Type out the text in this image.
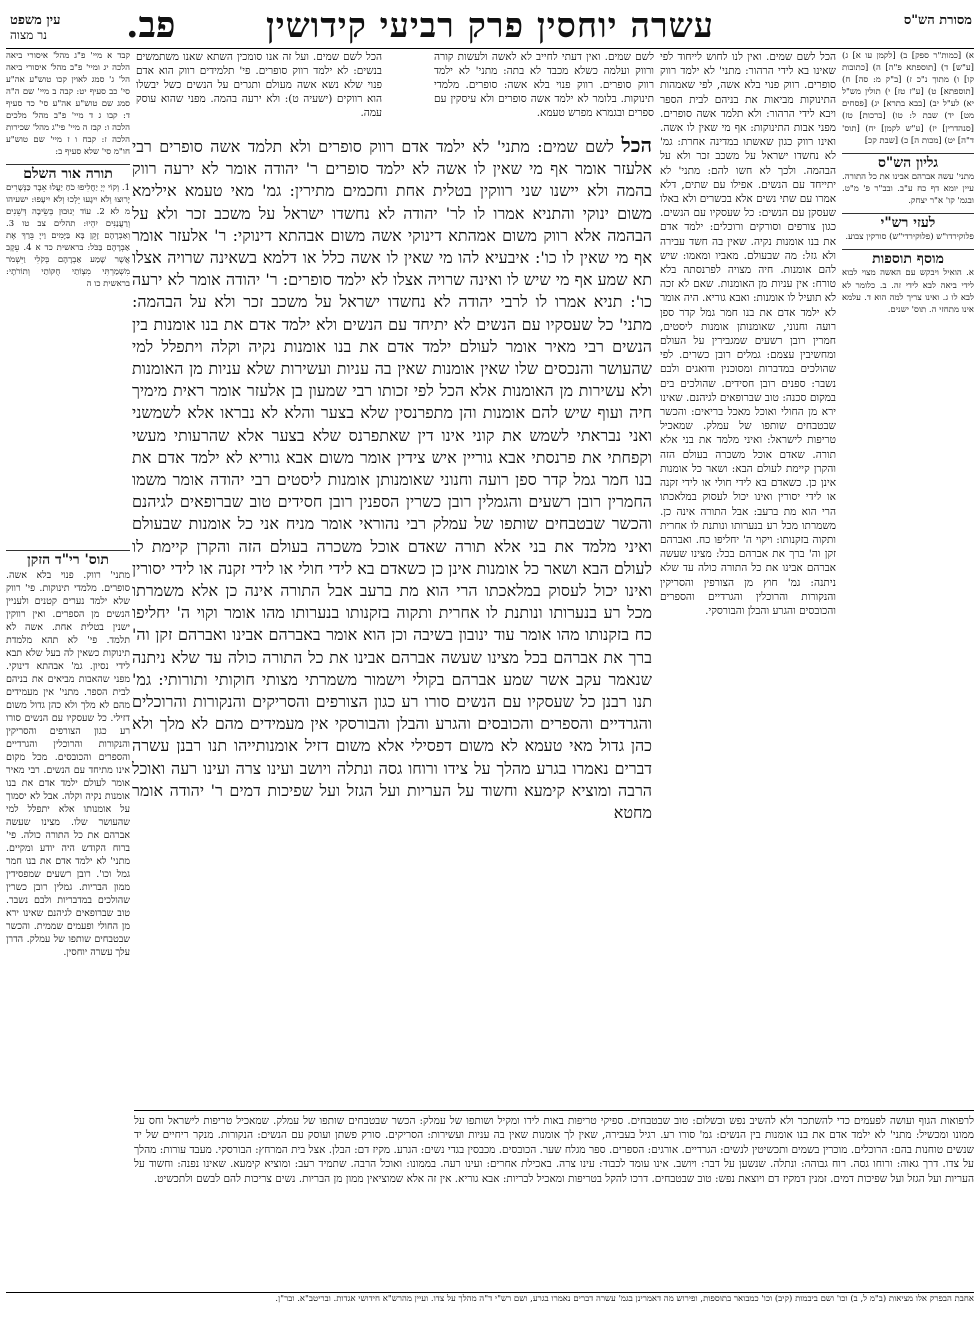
מסורת הש"ס
עשרה יוחסין פרק רביעי קידושין
פב.
עין משפט
נר מצוה

א) [כמות"ר ספק] ב) [לקמן עו א] ג) [ע"ש] ד) [תוספתא פ"ה] ה) [כתובות קו] ו) מתוך נ"כ ז) [ב"ק מ: סה] ח) [תוספתא] ט) [ע"ז טז] י) תולין מש"ל יא) לע"ל יב) [בבא בתרא] יג) [פסחים מט] יד) שבת ל: טו) [ברכות] טז) [סנהדרין] יז) [ע"ש לקמן] יח) [תוס' ד"ה] יט) [מכות ה] כ) [שבת קכ]

גליון הש"ס

מתני' עשה אברהם אבינו את כל התורה. עיין יומא דף כח ע"ב. ובב"ר פ' מ"ט. ובגמ' קו' א"ר יצחק.

לעזי רש"י

פלוקירדו"ש (פלוקירדי"ש) סורקין צבוע.

מוסף תוספות

א. הואיל ויבקש עם האשה מצוי לבוא לידי ביאה לבא לידי זה. ב. כלומר לא לבא לו ג. ואינו צריך למה הוא ד. עלמא אינו מתחזי ה. תוס' ישנים.

הכל לשם שמים. ואין לנו לחוש לייחוד לפי שאינו בא לידי הרהור: מתני' לא ילמד רווק סופרים. רווק פנוי בלא אשה, לפי שאמהות התינוקות מביאות את בניהם לבית הספר ויבא לידי הרהור: ולא תלמד אשה סופרים. מפני אבות התינוקות: אף מי שאין לו אשה. ואינו רווק כגון שאשתו במדינה אחרת: גמ' לא נחשדו ישראל על משכב זכר ולא על הבהמה. ולכך לא חשו להם: מתני' לא יתייחד עם הנשים. אפילו עם שתים, דלא אמרו עם שתי נשים אלא בכשרים ולא באלו שעסקן עם הנשים: כל שעסקיו עם הנשים. כגון צורפים וסורקים ורוכלים: ילמד אדם את בנו אומנות נקיה. שאין בה חשד עבירה ולא גזל: מה שבעולם. מאביו ומאמו: שיש להם אומנות. חיה מצויה לפרנסתה בלא טורח: אין עניות מן האומנות. שאם לא זכה לא תועיל לו אומנות: ואבא גוריא. היה אומר לא ילמד אדם את בנו חמר גמל קדר ספן רועה וחנוני, שאומנותן אומנות ליסטים, חמרין רובן רשעים שמגבירין על העולם ומחשיבין עצמם: גמלים רובן כשרים. לפי שהולכים במדברות ומסוכנין ודואגים ולבם נשבר: ספנים רובן חסידים. שהולכים בים במקום סכנה: טוב שברופאים לגיהנם. שאינו ירא מן החולי ואוכל מאכל בריאים: והכשר שבטבחים שותפו של עמלק. שמאכיל טריפות לישראל: ואיני מלמד את בני אלא תורה. שאדם אוכל משכרה בעולם הזה והקרן קיימת לעולם הבא: ושאר כל אומנות אינן כן. כשאדם בא לידי חולי או לידי זקנה או לידי יסורין ואינו יכול לעסוק במלאכתו הרי הוא מת ברעב: אבל התורה אינה כן. משמרתו מכל רע בנערותו ונותנת לו אחרית ותקוה בזקנותו: ויקוי ה' יחליפו כח. ואברהם זקן וה' ברך את אברהם בכל: מצינו שעשה אברהם אבינו את כל התורה כולה עד שלא ניתנה: גמ' חוץ מן הצורפין והסריקין והנקורות והרוכלין והגרדיים והספרים והכובסים והגרע והבלן והבורסקי.

לשם שמים. ואין דעתי לחייב לא לאשה ולעשות קורה ורווק ועלמה כשלא מכבד לא בתה: מתני' לא ילמד רווק סופרים. רווק פנוי בלא אשה: סופרים. מלמדי תינוקות. בלומר לא ילמד אשה סופרים ולא עיסקין עם ספרים ובגמרא מפרש טעמא.

הכל לשם שמים. ועל זה אנו סומכין השתא שאנו משתמשים בנשים: לא ילמד רווק סופרים. פי' תלמידים רווק הוא אדם פנוי שלא נשא אשה מעולם ותגרים על הנשים כשל יבשלו הוא רווקים (ישעיה ט): ולא ירעה בהמה. מפני שהוא עוסק עמה.

הכל לשם שמים: מתני' לא ילמד אדם רווק סופרים ולא תלמד אשה סופרים רבי אלעזר אומר אף מי שאין לו אשה לא ילמד סופרים ר' יהודה אומר לא ירעה רווק בהמה ולא יישנו שני רווקין בטלית אחת וחכמים מתירין: גמ' מאי טעמא אילימא משום ינוקי והתניא אמרו לו לר' יהודה לא נחשדו ישראל על משכב זכר ולא על הבהמה אלא רווק משום אמהתא דינוקי אשה משום אבהתא דינוקי: ר' אלעזר אומר אף מי שאין לו כו': איבעיא להו מי שאין לו אשה כלל או דלמא בשאינה שרויה אצלו תא שמע אף מי שיש לו ואינה שרויה אצלו לא ילמד סופרים: ר' יהודה אומר לא ירעה כו': תניא אמרו לו לרבי יהודה לא נחשדו ישראל על משכב זכר ולא על הבהמה: מתני' כל שעסקיו עם הנשים לא יתיחד עם הנשים ולא ילמד אדם את בנו אומנות בין הנשים רבי מאיר אומר לעולם ילמד אדם את בנו אומנות נקיה וקלה ויתפלל למי שהעושר והנכסים שלו שאין אומנות שאין בה עניות ועשירות שלא עניות מן האומנות ולא עשירות מן האומנות אלא הכל לפי זכותו רבי שמעון בן אלעזר אומר ראית מימיך חיה ועוף שיש להם אומנות והן מתפרנסין שלא בצער והלא לא נבראו אלא לשמשני ואני נבראתי לשמש את קוני אינו דין שאתפרנס שלא בצער אלא שהרעותי מעשי וקפחתי את פרנסתי אבא גוריין איש צידין אומר משום אבא גוריא לא ילמד אדם את בנו חמר גמל קדר ספן רועה וחנוני שאומנותן אומנות ליסטים רבי יהודה אומר משמו החמרין רובן רשעים והגמלין רובן כשרין הספנין רובן חסידים טוב שברופאים לגיהנם והכשר שבטבחים שותפו של עמלק רבי נהוראי אומר מניח אני כל אומנות שבעולם ואיני מלמד את בני אלא תורה שאדם אוכל משכרה בעולם הזה והקרן קיימת לו לעולם הבא ושאר כל אומנות אינן כן כשאדם בא לידי חולי או לידי זקנה או לידי יסורין ואינו יכול לעסוק במלאכתו הרי הוא מת ברעב אבל התורה אינה כן אלא משמרתו מכל רע בנערותו ונותנת לו אחרית ותקוה בזקנותו בנערותו מהו אומר וקוי ה' יחליפו כח בזקנותו מהו אומר עוד ינובון בשיבה וכן הוא אומר באברהם אבינו ואברהם זקן וה' ברך את אברהם בכל מצינו שעשה אברהם אבינו את כל התורה כולה עד שלא ניתנה שנאמר עקב אשר שמע אברהם בקולי וישמור משמרתי מצותי חוקותי ותורותי: גמ' תנו רבנן כל שעסקיו עם הנשים סורו רע כגון הצורפים והסריקים והנקורות והרוכלים והגרדיים והספרים והכובסים והגרע והבלן והבורסקי אין מעמידים מהם לא מלך ולא כהן גדול מאי טעמא לא משום דפסילי אלא משום דזיל אומנותייהו תנו רבנן עשרה דברים נאמרו בגרע מהלך על צידו ורוחו גסה ונתלה ויושב ועינו צרה ועינו רעה ואוכל הרבה ומוציא קימעא וחשוד על העריות ועל הגזל ועל שפיכות דמים ר' יהודה אומר מחטא

קבד א מיי' פ"ג מהל' איסורי ביאה הלכה יג ומיי' פ"ב מהל' איסורי ביאה הל' ג' סמג לאוין קכו טוש"ע אה"ע סי' כב סעיף יט: קבה ב מיי' שם ה"ה סמג שם טוש"ע אה"ע סי' כד סעיף ד: קבו ג ד מיי' פ"ב מהל' מלכים הלכה ו: קבז ה מיי' פי"ג מהל' שכירות הלכה ז: קבח ו ז מיי' שם טוש"ע חו"מ סי' שלא סעיף ב:

תורה אור השלם

1. וְקוֹי יְיָ יַחֲלִיפוּ כֹחַ יַעֲלוּ אֵבֶר כַּנְּשָׁרִים יָרוּצוּ וְלֹא יִיגָעוּ יֵלְכוּ וְלֹא יִיעָפוּ: ישעיהו מ לא 2. עוֹד יְנוּבוּן בְּשֵׂיבָה דְּשֵׁנִים וְרַעֲנַנִּים יִהְיוּ: תהלים צב טו 3. וְאַבְרָהָם זָקֵן בָּא בַּיָּמִים וַייָ בֵּרַךְ אֶת אַבְרָהָם בַּכֹּל: בראשית כד א 4. עֵקֶב אֲשֶׁר שָׁמַע אַבְרָהָם בְּקֹלִי וַיִּשְׁמֹר מִשְׁמַרְתִּי מִצְוֹתַי חֻקּוֹתַי וְתוֹרֹתָי: בראשית כו ה

תוס' רי"ד הזקן

מתני' רווק. פנוי בלא אשה. סופרים. מלמדי תינוקות. פי' רווק שלא ילמד נערים קטנים ולעניין הנשים מן הספרים. ואין רווקין ישנין בטלית אחת. אשה לא תלמד. פי' לא תהא מלמדת תינוקות כשאין לה בעל שלא תבא לידי נסיון. גמ' אבהתא דינוקי. מפני שהאבות מביאים את בניהם לבית הספר. מתני' אין מעמידים מהם לא מלך ולא כהן גדול משום דזילי. כל שעסקיו עם הנשים סורו רע כגון הצורפים והסריקין והנקורות והרוכלין והגרדיים והספרים והכובסים. מכל מקום אינו מתיחד עם הנשים. רבי מאיר אומר לעולם ילמד אדם את בנו אומנות נקיה וקלה. אבל לא יסמוך על אומנותו אלא יתפלל למי שהעושר שלו. מצינו שעשה אברהם את כל התורה כולה. פי' ברוח הקודש היה יודע ומקיים. מתני' לא ילמד אדם את בנו חמר גמל וכו'. רובן רשעים שמפסידין ממון הבריות. גמלין רובן כשרין שהולכים במדבריות ולבם נשבר. טוב שברופאים לגיהנם שאינו ירא מן החולי ופעמים שממית. והכשר שבטבחים שותפו של עמלק. הדרן עלך עשרה יוחסין.

לרפואות הגוף ועושה לפעמים כדי להשתכר ולא להשיב נפש ובשלום: טוב שבטבחים. ספיקי טריפות באות לידו ומקיל ושותפו של עמלק: הכשר שבטבחים שותפו של עמלק. שמאכיל טריפות לישראל וחס על ממונו ומכשיל: מתני' לא ילמד אדם את בנו אומנות בין הנשים: גמ' סורו רע. רגיל בעבירה, שאין לך אומנות שאין בה עניות ועשירות: הסריקים. סורק פשתן ועוסק עם הנשים: הנקורות. מנקר ריחיים של יד שנשים טוחנות בהם: הרוכלים. מוכרין בשמים ותכשיטין לנשים: הגרדיים. אורגים: הספרים. ספר מגלח שער. הכובסים. מכבסין בגדי נשים: הגרע. מקיז דם: הבלן. אצל בית המרחץ: הבורסקי. מעבד עורות: מהלך על צדו. דרך גאוה: ורוחו גסה. רוח גבוהה: ונתלה. שנשען על דבר: ויושב. אינו עומד לכבוד: עינו צרה. באכילת אחרים: ועינו רעה. בממונו: ואוכל הרבה. שתמיד רעב: ומוציא קימעא. שאינו נפנה: וחשוד על העריות ועל הגזל ועל שפיכות דמים. זמנין דמקיז דם ויוצאת נפש: טוב שבטבחים. דרכו להקל בטריפות ומאכיל לבריות: אבא גוריא. אין זה אלא שמוציאין ממון מן הבריות. נשים צריכות להם לבשם ולתכשיט.

אחבת הבפרק אלו מציאות (ב"מ ל, ב) וכו' ושם ביבמות (קיב) וכו' כמבואר בתוספות, ופירוש מה דאמרינן בגמ' עשרה דברים נאמרו בגרע, ושם רש"י ד"ה מהלך על צדו. ועיין מהרש"א חידושי אגדות. ובריטב"א. ובר"ן.
